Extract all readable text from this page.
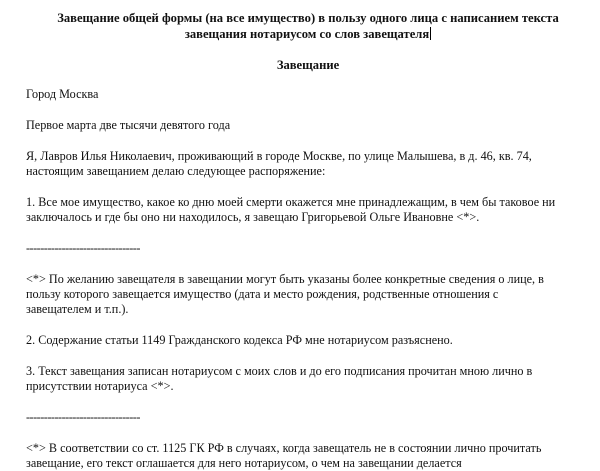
Завещание общей формы (на все имущество) в пользу одного лица с написанием текста
завещания нотариусом со слов завещателя
Завещание

Город Москва

Первое марта две тысячи девятого года

Я, Лавров Илья Николаевич, проживающий в городе Москве, по улице Малышева, в д. 46, кв. 74,
настоящим завещанием делаю следующее распоряжение:
1. Все мое имущество, какое ко дню моей смерти окажется мне принадлежащим, в чем бы таковое ни
заключалось и где бы оно ни находилось, я завещаю Григорьевой Ольге Ивановне <*>.

--------------------------------

<*> По желанию завещателя в завещании могут быть указаны более конкретные сведения о лице, в
пользу которого завещается имущество (дата и место рождения, родственные отношения с
завещателем и т.п.).

2. Содержание статьи 1149 Гражданского кодекса РФ мне нотариусом разъяснено.

3. Текст завещания записан нотариусом с моих слов и до его подписания прочитан мною лично в
присутствии нотариуса <*>.

--------------------------------

<*> В соответствии со ст. 1125 ГК РФ в случаях, когда завещатель не в состоянии лично прочитать
завещание, его текст оглашается для него нотариусом, о чем на завещании делается
